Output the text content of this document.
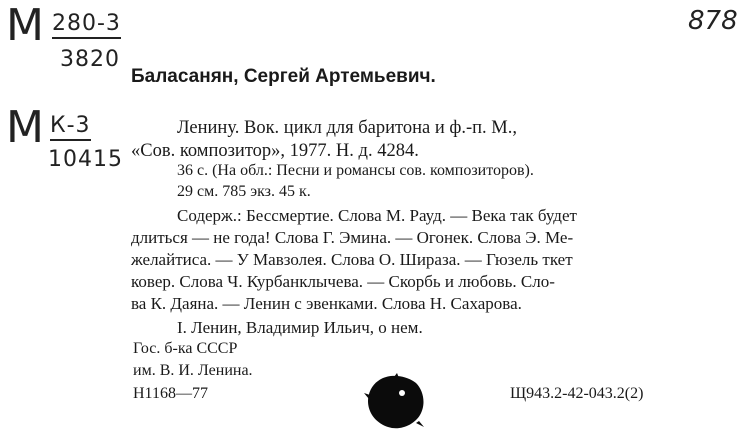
М 280-3
3820
М К-3
10415
878
Баласанян, Сергей Артемьевич.
Ленину. Вок. цикл для баритона и ф.-п. М.,
«Сов. композитор», 1977. Н. д. 4284.
36 с. (На обл.: Песни и романсы сов. композиторов).
29 см. 785 экз. 45 к.
Содерж.: Бессмертие. Слова М. Рауд. — Века так будет
длиться — не года! Слова Г. Эмина. — Огонек. Слова Э. Ме-
желайтиса. — У Мавзолея. Слова О. Шираза. — Гюзель ткет
ковер. Слова Ч. Курбанклычева. — Скорбь и любовь. Сло-
ва К. Даяна. — Ленин с эвенками. Слова Н. Сахарова.
I. Ленин, Владимир Ильич, о нем.
Гос. б-ка СССР
им. В. И. Ленина.
Н1168—77	Щ943.2-42-043.2(2)
